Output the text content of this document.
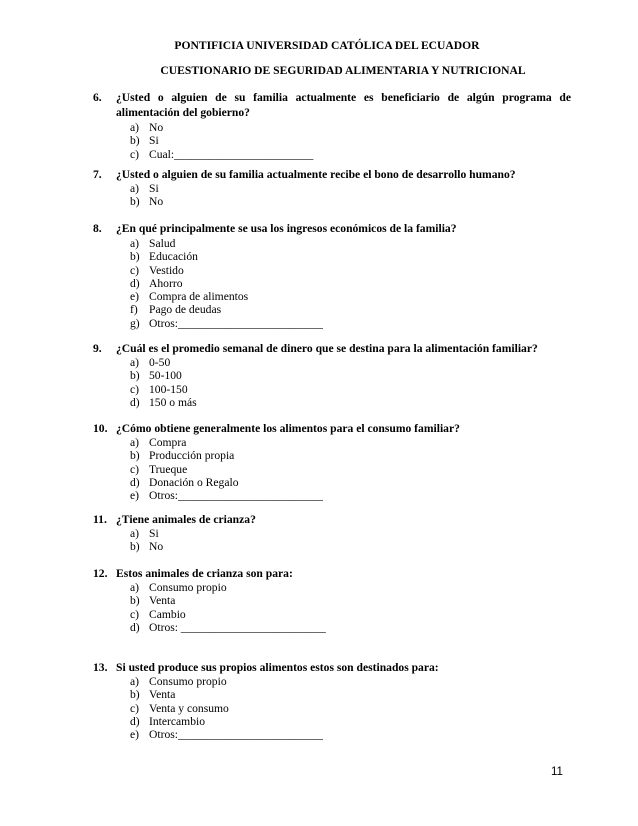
PONTIFICIA UNIVERSIDAD CATÓLICA DEL ECUADOR
CUESTIONARIO DE SEGURIDAD ALIMENTARIA Y NUTRICIONAL
6. ¿Usted o alguien de su familia actualmente es beneficiario de algún programa de alimentación del gobierno?
a) No
b) Si
c) Cual:________________________
7. ¿Usted o alguien de su familia actualmente recibe el bono de desarrollo humano?
a) Si
b) No
8. ¿En qué principalmente se usa los ingresos económicos de la familia?
a) Salud
b) Educación
c) Vestido
d) Ahorro
e) Compra de alimentos
f) Pago de deudas
g) Otros:_________________________
9. ¿Cuál es el promedio semanal de dinero que se destina para la alimentación familiar?
a) 0-50
b) 50-100
c) 100-150
d) 150 o más
10. ¿Cómo obtiene generalmente los alimentos para el consumo familiar?
a) Compra
b) Producción propia
c) Trueque
d) Donación o Regalo
e) Otros:_________________________
11. ¿Tiene animales de crianza?
a) Si
b) No
12. Estos animales de crianza son para:
a) Consumo propio
b) Venta
c) Cambio
d) Otros: _________________________
13. Si usted produce sus propios alimentos estos son destinados para:
a) Consumo propio
b) Venta
c) Venta y consumo
d) Intercambio
e) Otros:_________________________
11
